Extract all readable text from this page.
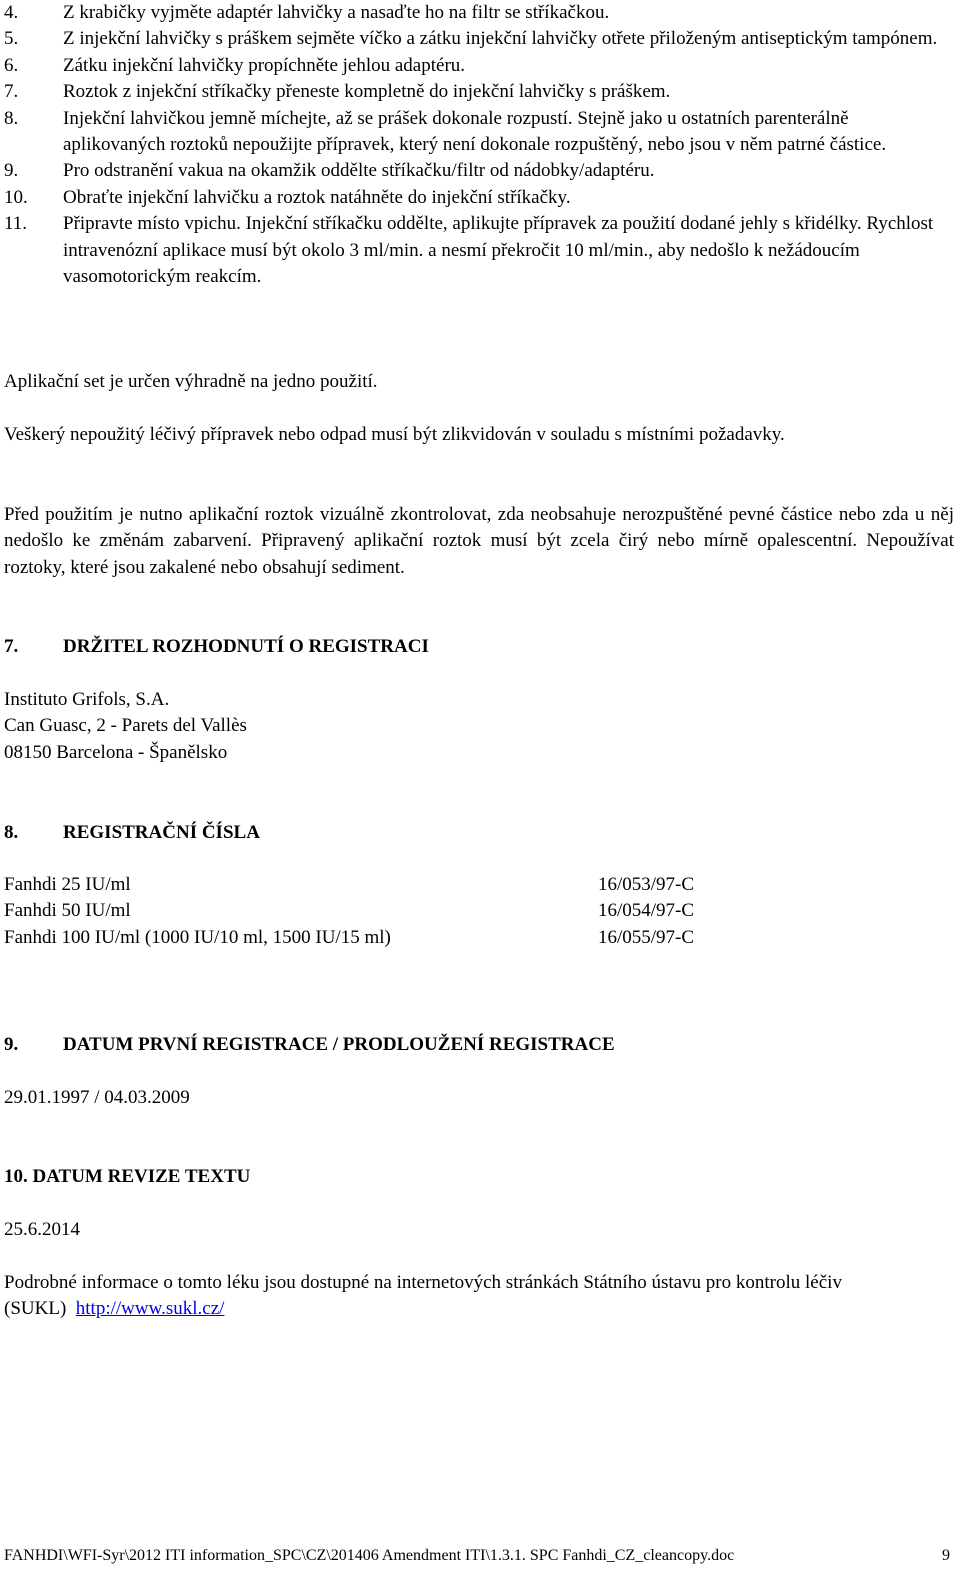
4. Z krabičky vyjměte adaptér lahvičky a nasaďte ho na filtr se stříkačkou.
5. Z injekční lahvičky s práškem sejměte víčko a zátku injekční lahvičky otřete přiloženým antiseptickým tampónem.
6. Zátku injekční lahvičky propíchněte jehlou adaptéru.
7. Roztok z injekční stříkačky přeneste kompletně do injekční lahvičky s práškem.
8. Injekční lahvičkou jemně míchejte, až se prášek dokonale rozpustí. Stejně jako u ostatních parenterálně aplikovaných roztoků nepoužijte přípravek, který není dokonale rozpuštěný, nebo jsou v něm patrné částice.
9. Pro odstranění vakua na okamžik oddělte stříkačku/filtr od nádobky/adaptéru.
10. Obraťte injekční lahvičku a roztok natáhněte do injekční stříkačky.
11. Připravte místo vpichu. Injekční stříkačku oddělte, aplikujte přípravek za použití dodané jehly s křidélky. Rychlost intravenózní aplikace musí být okolo 3 ml/min. a nesmí překročit 10 ml/min., aby nedošlo k nežádoucím vasomotorickým reakcím.
Aplikační set je určen výhradně na jedno použití.
Veškerý nepoužitý léčivý přípravek nebo odpad musí být zlikvidován v souladu s místními požadavky.
Před použitím je nutno aplikační roztok vizuálně zkontrolovat, zda neobsahuje nerozpuštěné pevné částice nebo zda u něj nedošlo ke změnám zabarvení. Připravený aplikační roztok musí být zcela čirý nebo mírně opalescentní. Nepoužívat roztoky, které jsou zakalené nebo obsahují sediment.
7. DRŽITEL ROZHODNUTÍ O REGISTRACI
Instituto Grifols, S.A.
Can Guasc, 2 - Parets del Vallès
08150 Barcelona - Španělsko
8. REGISTRAČNÍ ČÍSLA
Fanhdi 25 IU/ml	16/053/97-C
Fanhdi 50 IU/ml	16/054/97-C
Fanhdi 100 IU/ml (1000 IU/10 ml, 1500 IU/15 ml)	16/055/97-C
9. DATUM PRVNÍ REGISTRACE / PRODLOUŽENÍ REGISTRACE
29.01.1997 / 04.03.2009
10. DATUM REVIZE TEXTU
25.6.2014
Podrobné informace o tomto léku jsou dostupné na internetových stránkách Státního ústavu pro kontrolu léčiv (SUKL) http://www.sukl.cz/
FANHDI\WFI-Syr\2012 ITI information_SPC\CZ\201406 Amendment ITI\1.3.1. SPC Fanhdi_CZ_cleancopy.doc	9
